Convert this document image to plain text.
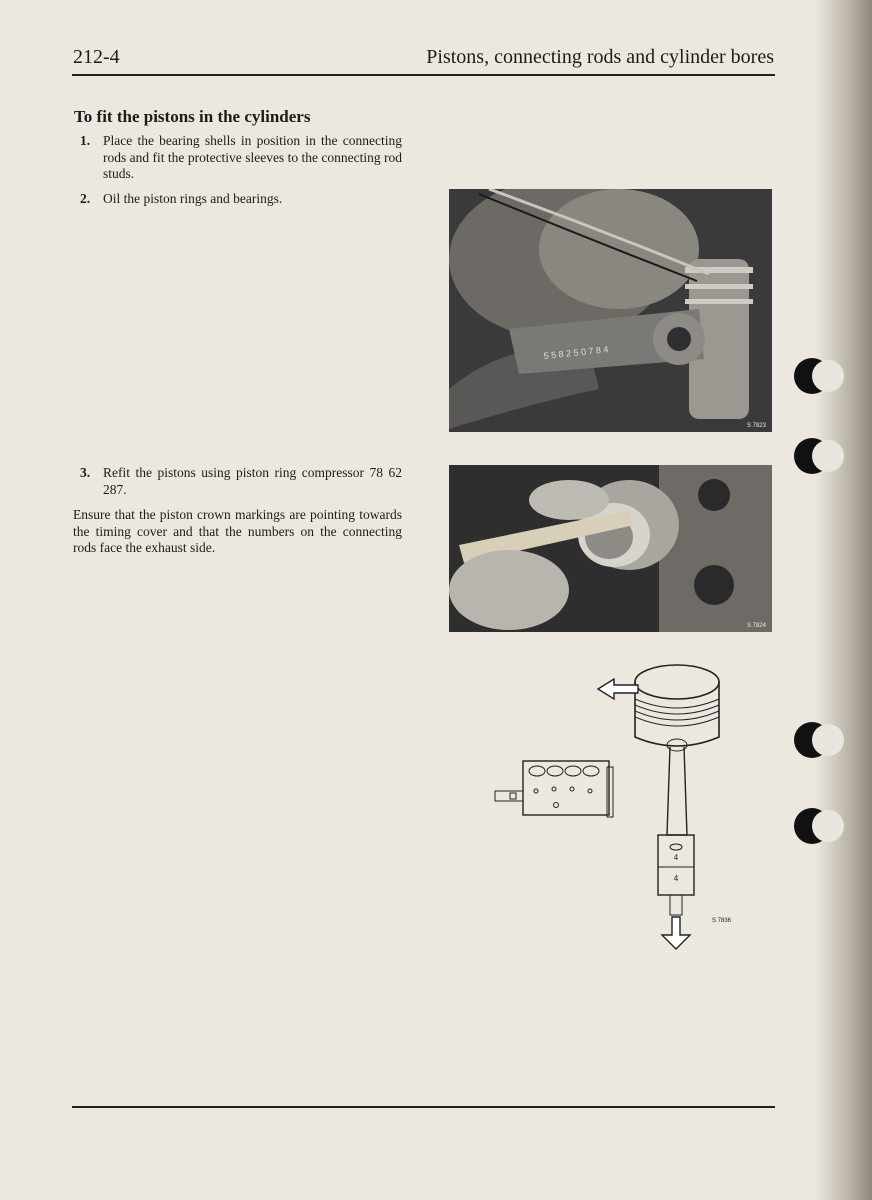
212-4	Pistons, connecting rods and cylinder bores
To fit the pistons in the cylinders
1. Place the bearing shells in position in the connecting rods and fit the protective sleeves to the connecting rod studs.
2. Oil the piston rings and bearings.
3. Refit the pistons using piston ring compressor 78 62 287.
Ensure that the piston crown markings are pointing towards the timing cover and that the numbers on the connecting rods face the exhaust side.
5 5 8 2 5 0 7 8 4
S 7823
S 7824
4
4
S 7836
